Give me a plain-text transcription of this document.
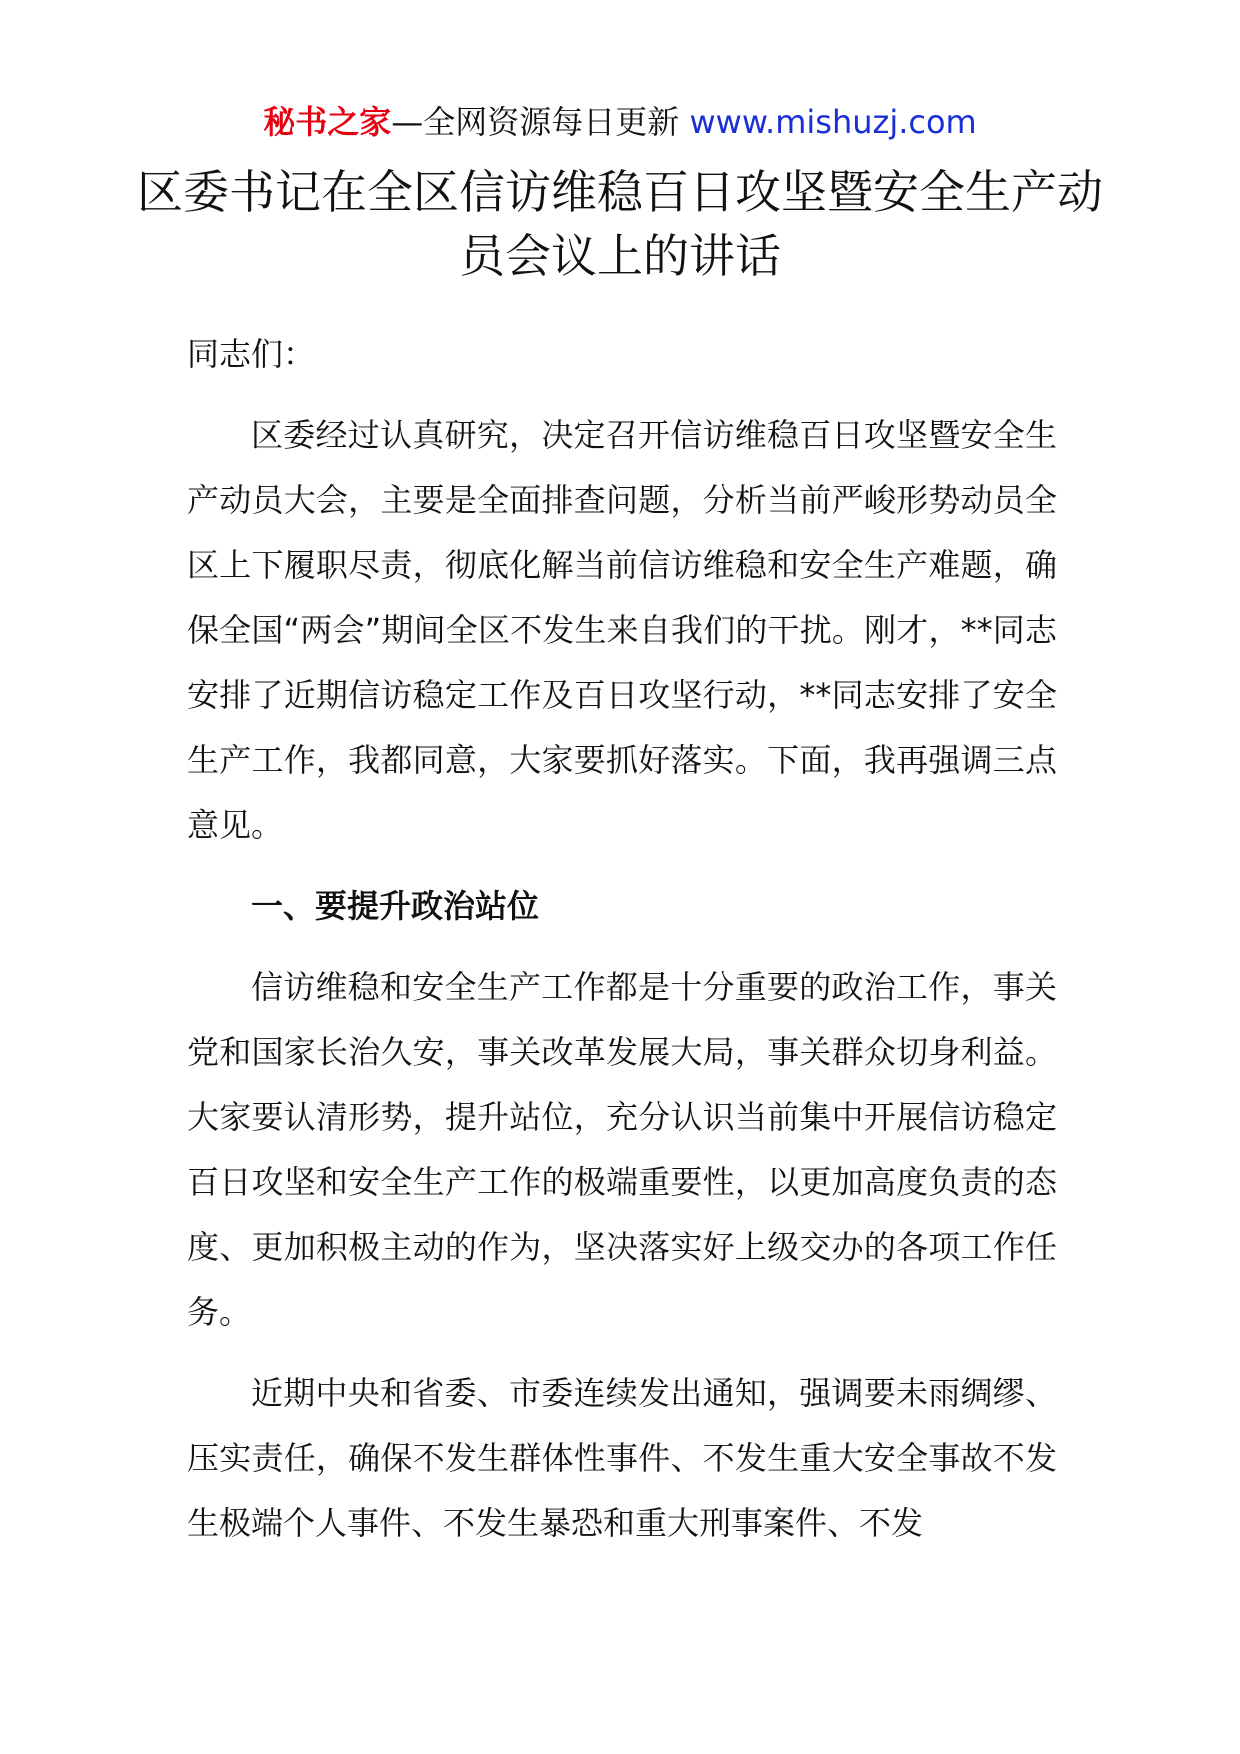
秘书之家—全网资源每日更新 www.mishuzj.com
区委书记在全区信访维稳百日攻坚暨安全生产动员会议上的讲话

同志们：

区委经过认真研究，决定召开信访维稳百日攻坚暨安全生产动员大会，主要是全面排查问题，分析当前严峻形势动员全区上下履职尽责，彻底化解当前信访维稳和安全生产难题，确保全国“两会”期间全区不发生来自我们的干扰。刚才，**同志安排了近期信访稳定工作及百日攻坚行动，**同志安排了安全生产工作，我都同意，大家要抓好落实。下面，我再强调三点意见。

一、要提升政治站位

信访维稳和安全生产工作都是十分重要的政治工作，事关党和国家长治久安，事关改革发展大局，事关群众切身利益。大家要认清形势，提升站位，充分认识当前集中开展信访稳定百日攻坚和安全生产工作的极端重要性，以更加高度负责的态度、更加积极主动的作为，坚决落实好上级交办的各项工作任务。

近期中央和省委、市委连续发出通知，强调要未雨绸缪、压实责任，确保不发生群体性事件、不发生重大安全事故不发生极端个人事件、不发生暴恐和重大刑事案件、不发
